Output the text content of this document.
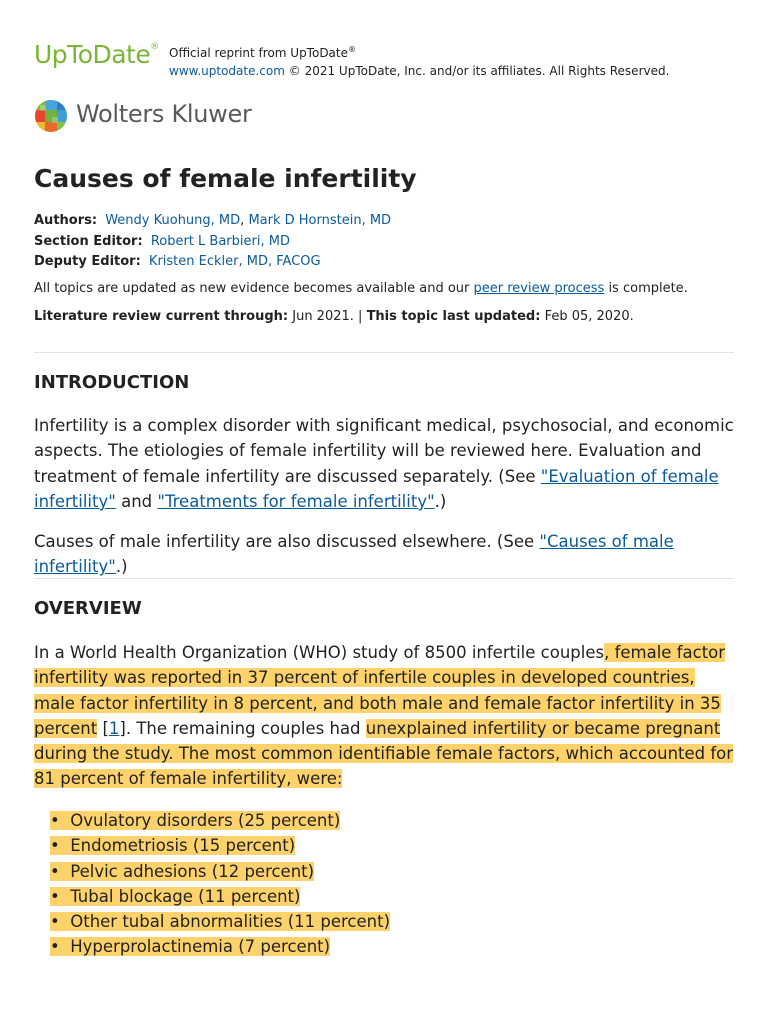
UpToDate® Official reprint from UpToDate®
www.uptodate.com © 2021 UpToDate, Inc. and/or its affiliates. All Rights Reserved.
Wolters Kluwer
Causes of female infertility
Authors: Wendy Kuohung, MD, Mark D Hornstein, MD
Section Editor: Robert L Barbieri, MD
Deputy Editor: Kristen Eckler, MD, FACOG
All topics are updated as new evidence becomes available and our peer review process is complete.
Literature review current through: Jun 2021. | This topic last updated: Feb 05, 2020.
INTRODUCTION

Infertility is a complex disorder with significant medical, psychosocial, and economic aspects. The etiologies of female infertility will be reviewed here. Evaluation and treatment of female infertility are discussed separately. (See "Evaluation of female infertility" and "Treatments for female infertility".)

Causes of male infertility are also discussed elsewhere. (See "Causes of male infertility".)

OVERVIEW

In a World Health Organization (WHO) study of 8500 infertile couples, female factor infertility was reported in 37 percent of infertile couples in developed countries, male factor infertility in 8 percent, and both male and female factor infertility in 35 percent [1]. The remaining couples had unexplained infertility or became pregnant during the study. The most common identifiable female factors, which accounted for 81 percent of female infertility, were:

• Ovulatory disorders (25 percent)
• Endometriosis (15 percent)
• Pelvic adhesions (12 percent)
• Tubal blockage (11 percent)
• Other tubal abnormalities (11 percent)
• Hyperprolactinemia (7 percent)
